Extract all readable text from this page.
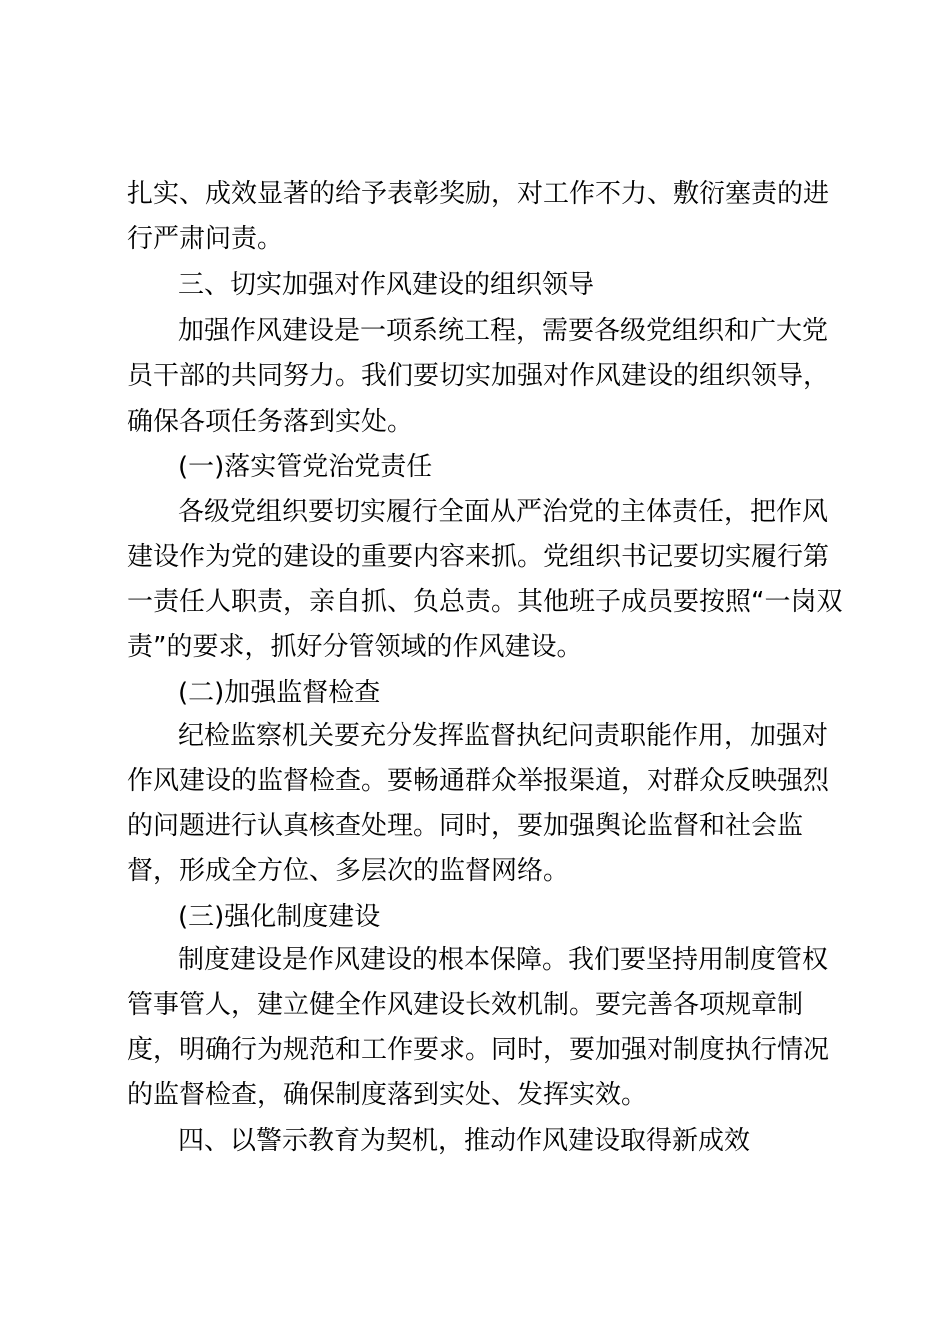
扎实、成效显著的给予表彰奖励，对工作不力、敷衍塞责的进
行严肃问责。
三、切实加强对作风建设的组织领导
加强作风建设是一项系统工程，需要各级党组织和广大党
员干部的共同努力。我们要切实加强对作风建设的组织领导，
确保各项任务落到实处。
(一)落实管党治党责任
各级党组织要切实履行全面从严治党的主体责任，把作风
建设作为党的建设的重要内容来抓。党组织书记要切实履行第
一责任人职责，亲自抓、负总责。其他班子成员要按照“一岗双
责”的要求，抓好分管领域的作风建设。
(二)加强监督检查
纪检监察机关要充分发挥监督执纪问责职能作用，加强对
作风建设的监督检查。要畅通群众举报渠道，对群众反映强烈
的问题进行认真核查处理。同时，要加强舆论监督和社会监
督，形成全方位、多层次的监督网络。
(三)强化制度建设
制度建设是作风建设的根本保障。我们要坚持用制度管权
管事管人，建立健全作风建设长效机制。要完善各项规章制
度，明确行为规范和工作要求。同时，要加强对制度执行情况
的监督检查，确保制度落到实处、发挥实效。
四、以警示教育为契机，推动作风建设取得新成效
